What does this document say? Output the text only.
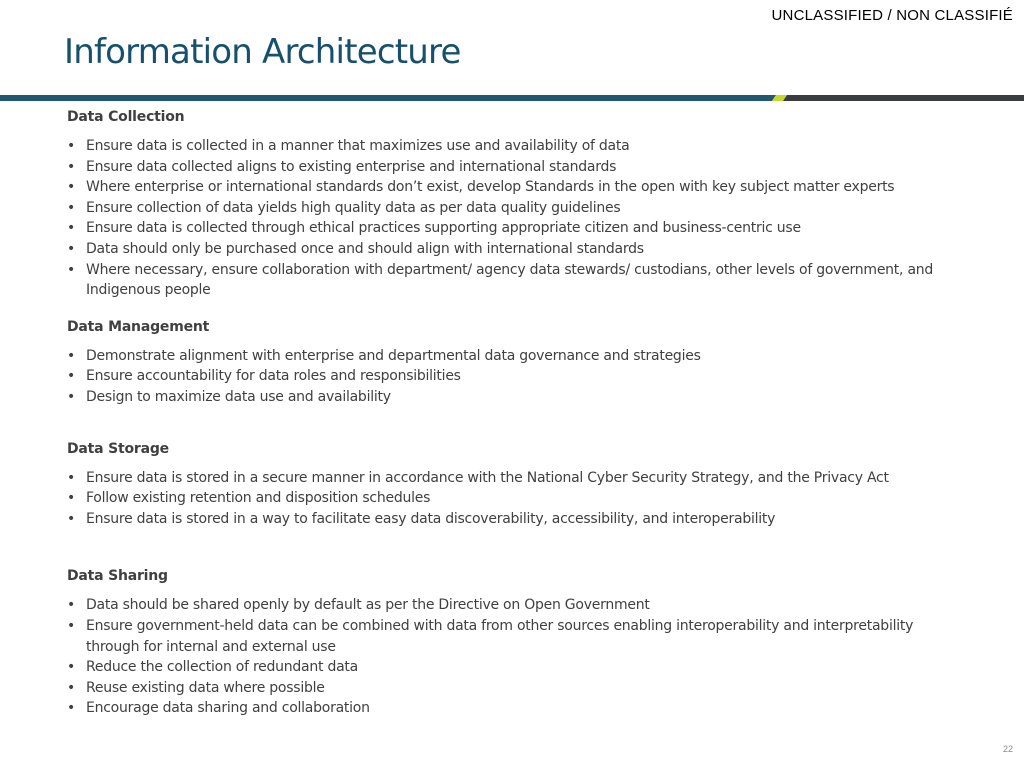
UNCLASSIFIED / NON CLASSIFIÉ
Information Architecture
Data Collection
• Ensure data is collected in a manner that maximizes use and availability of data
• Ensure data collected aligns to existing enterprise and international standards
• Where enterprise or international standards don’t exist, develop Standards in the open with key subject matter experts
• Ensure collection of data yields high quality data as per data quality guidelines
• Ensure data is collected through ethical practices supporting appropriate citizen and business-centric use
• Data should only be purchased once and should align with international standards
• Where necessary, ensure collaboration with department/ agency data stewards/ custodians, other levels of government, and Indigenous people
Data Management
• Demonstrate alignment with enterprise and departmental data governance and strategies
• Ensure accountability for data roles and responsibilities
• Design to maximize data use and availability
Data Storage
• Ensure data is stored in a secure manner in accordance with the National Cyber Security Strategy, and the Privacy Act
• Follow existing retention and disposition schedules
• Ensure data is stored in a way to facilitate easy data discoverability, accessibility, and interoperability
Data Sharing
• Data should be shared openly by default as per the Directive on Open Government
• Ensure government-held data can be combined with data from other sources enabling interoperability and interpretability through for internal and external use
• Reduce the collection of redundant data
• Reuse existing data where possible
• Encourage data sharing and collaboration
22
